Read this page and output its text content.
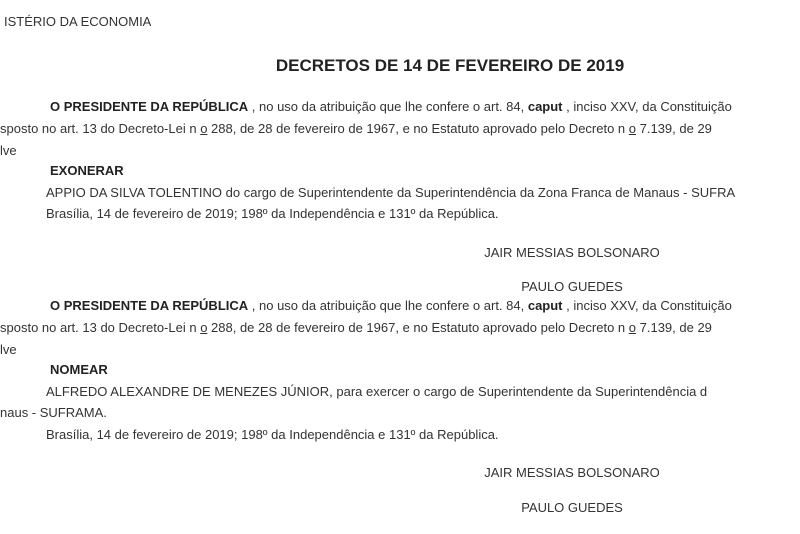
ISTÉRIO DA ECONOMIA
DECRETOS DE 14 DE FEVEREIRO DE 2019
O PRESIDENTE DA REPÚBLICA , no uso da atribuição que lhe confere o art. 84, caput , inciso XXV, da Constituição
sposto no art. 13 do Decreto-Lei n o 288, de 28 de fevereiro de 1967, e no Estatuto aprovado pelo Decreto n o 7.139, de 29
lve
EXONERAR
APPIO DA SILVA TOLENTINO do cargo de Superintendente da Superintendência da Zona Franca de Manaus - SUFRA
Brasília, 14 de fevereiro de 2019; 198º da Independência e 131º da República.
JAIR MESSIAS BOLSONARO
PAULO GUEDES
O PRESIDENTE DA REPÚBLICA , no uso da atribuição que lhe confere o art. 84, caput , inciso XXV, da Constituição
sposto no art. 13 do Decreto-Lei n o 288, de 28 de fevereiro de 1967, e no Estatuto aprovado pelo Decreto n o 7.139, de 29
lve
NOMEAR
ALFREDO ALEXANDRE DE MENEZES JÚNIOR, para exercer o cargo de Superintendente da Superintendência d
naus - SUFRAMA.
Brasília, 14 de fevereiro de 2019; 198º da Independência e 131º da República.
JAIR MESSIAS BOLSONARO
PAULO GUEDES
